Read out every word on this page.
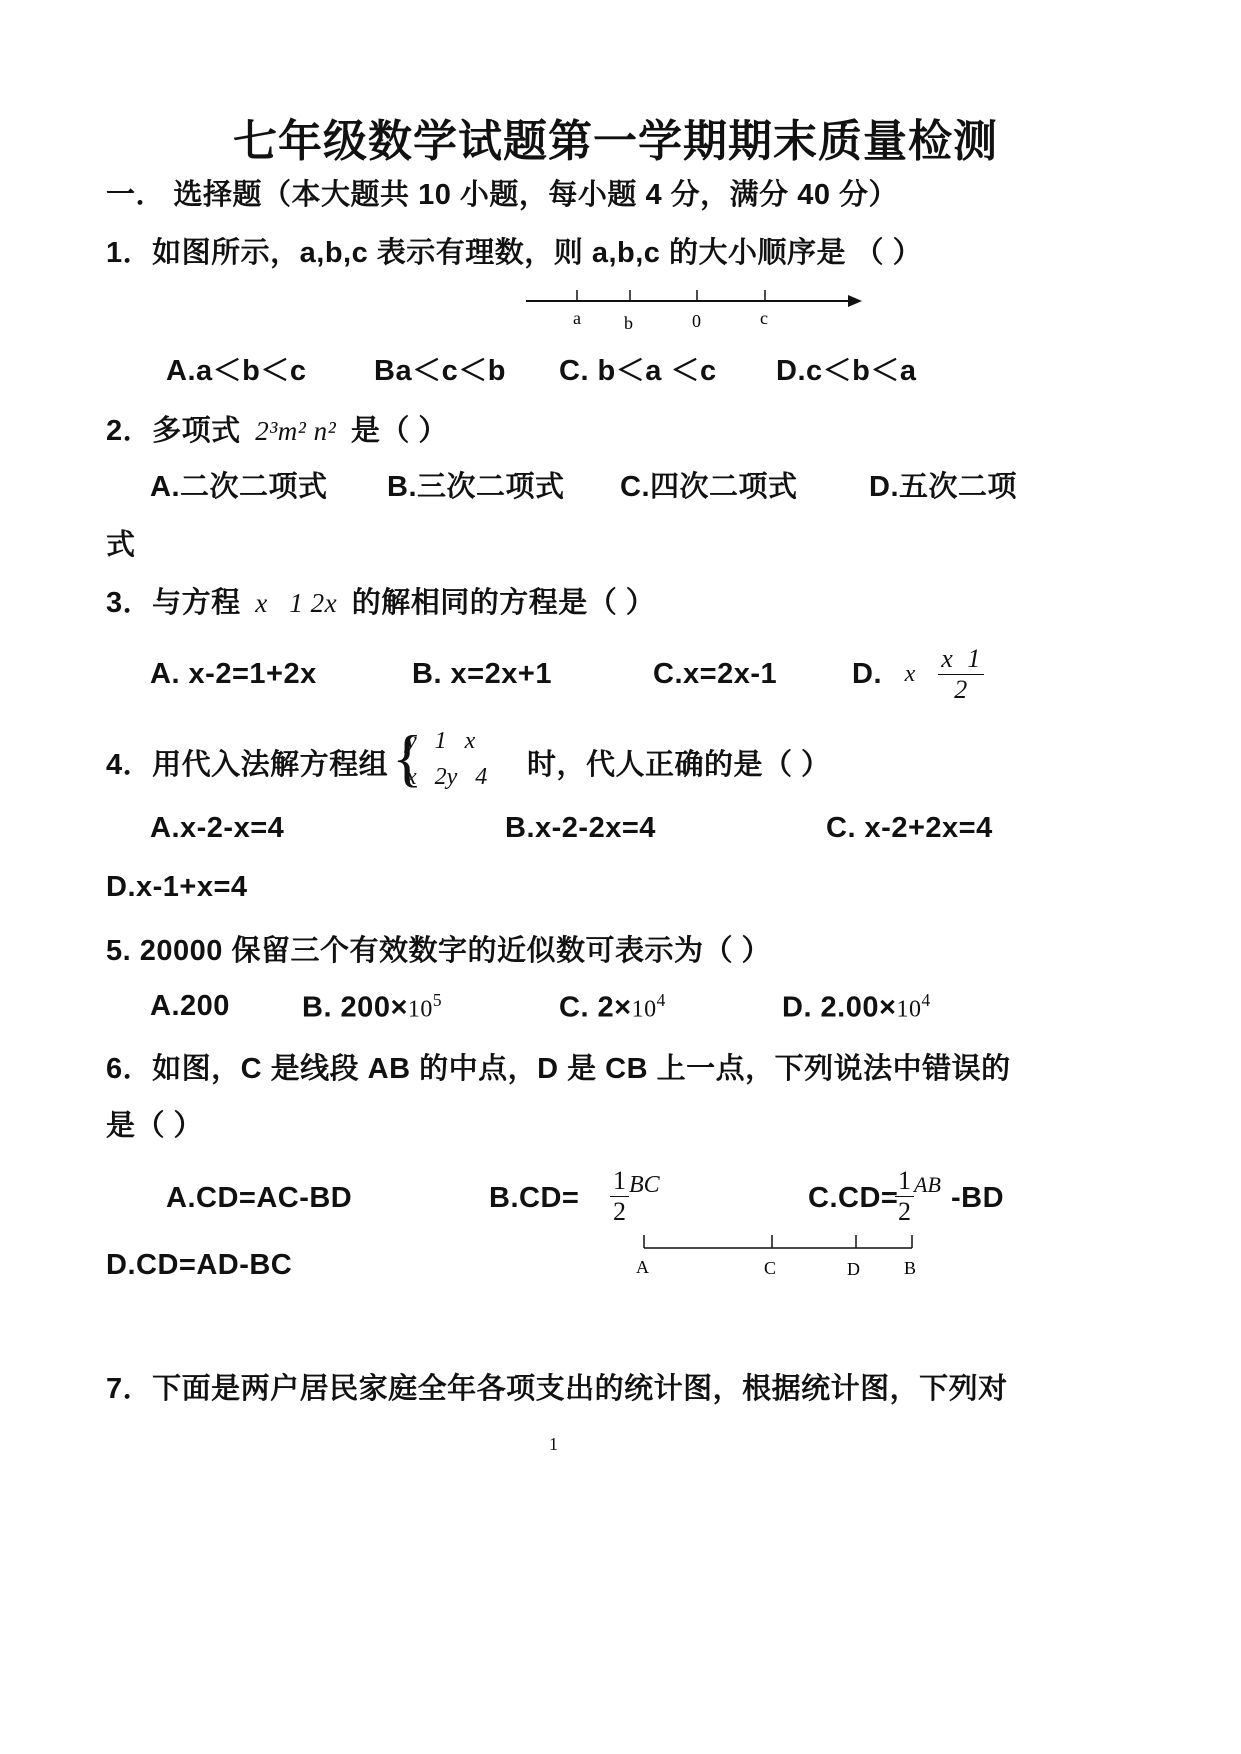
七年级数学试题第一学期期末质量检测
一． 选择题（本大题共 10 小题，每小题 4 分，满分 40 分）
1．如图所示，a,b,c 表示有理数，则 a,b,c 的大小顺序是 （ ）
a b	0	c
A.a＜b＜c Ba＜c＜b C. b＜a ＜c D.c＜b＜a
2．多项式 2³m² n² 是（ ）
A.二次二项式 B.三次二项式 C.四次二项式 D.五次二项
式
3．与方程 x   1 2x 的解相同的方程是（ ）
A. x-2=1+2x	B. x=2x+1	C.x=2x-1	D. x $\frac{x 1}{2}$
4．用代入法解方程组 {
y   1   x
x   2y   4 时，代人正确的是（ ）
A.x-2-x=4	B.x-2-2x=4	C. x-2+2x=4
D.x-1+x=4
5. 20000 保留三个有效数字的近似数可表示为（ ）
A.200 B. $200\times 10^5$	C. $2\times 10^4$	D. $2.00\times 10^4$
6．如图，C 是线段 AB 的中点，D 是 CB 上一点，下列说法中错误的
是（ ）
A.CD=AC-BD	$B.CD= \frac{1}{2}$ BC	C.CD=
$\frac{1}{2}$ AB -BD
D.CD=AD-BC	A	C	D B
7．下面是两户居民家庭全年各项支出的统计图，根据统计图，下列对
1
